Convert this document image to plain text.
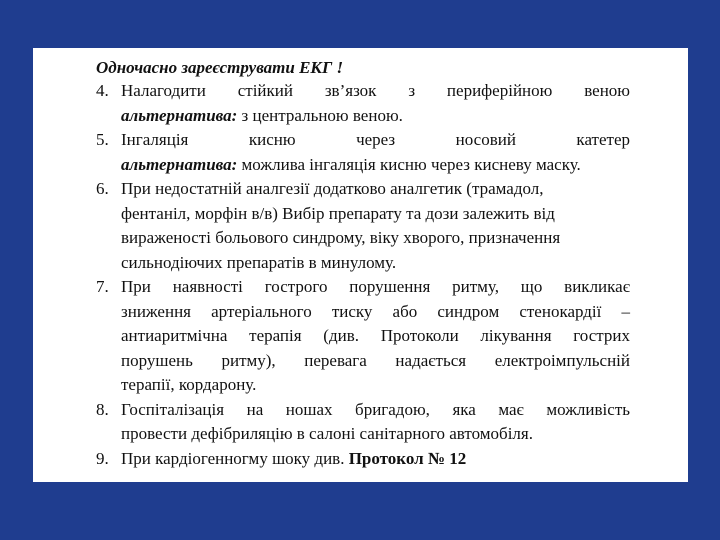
Одночасно зареєструвати ЕКГ !
4. Налагодити стійкий зв’язок з периферійною веною
альтернатива: з центральною веною.
5. Інгаляція кисню через носовий катетер
альтернатива: можлива інгаляція кисню через кисневу маску.
6. При недостатній аналгезії додатково аналгетик (трамадол,
фентаніл, морфін в/в) Вибір препарату та дози залежить від
вираженості больового синдрому, віку хворого, призначення
сильнодіючих препаратів в минулому.
7. При наявності гострого порушення ритму, що викликає
зниження артеріального тиску або синдром стенокардії –
антиаритмічна терапія (див. Протоколи лікування гострих
порушень ритму), перевага надається електроімпульсній
терапії, кордарону.
8. Госпіталізація на ношах бригадою, яка має можливість
провести дефібриляцію в салоні санітарного автомобіля.
9. При кардіогенногму шоку див. Протокол № 12
